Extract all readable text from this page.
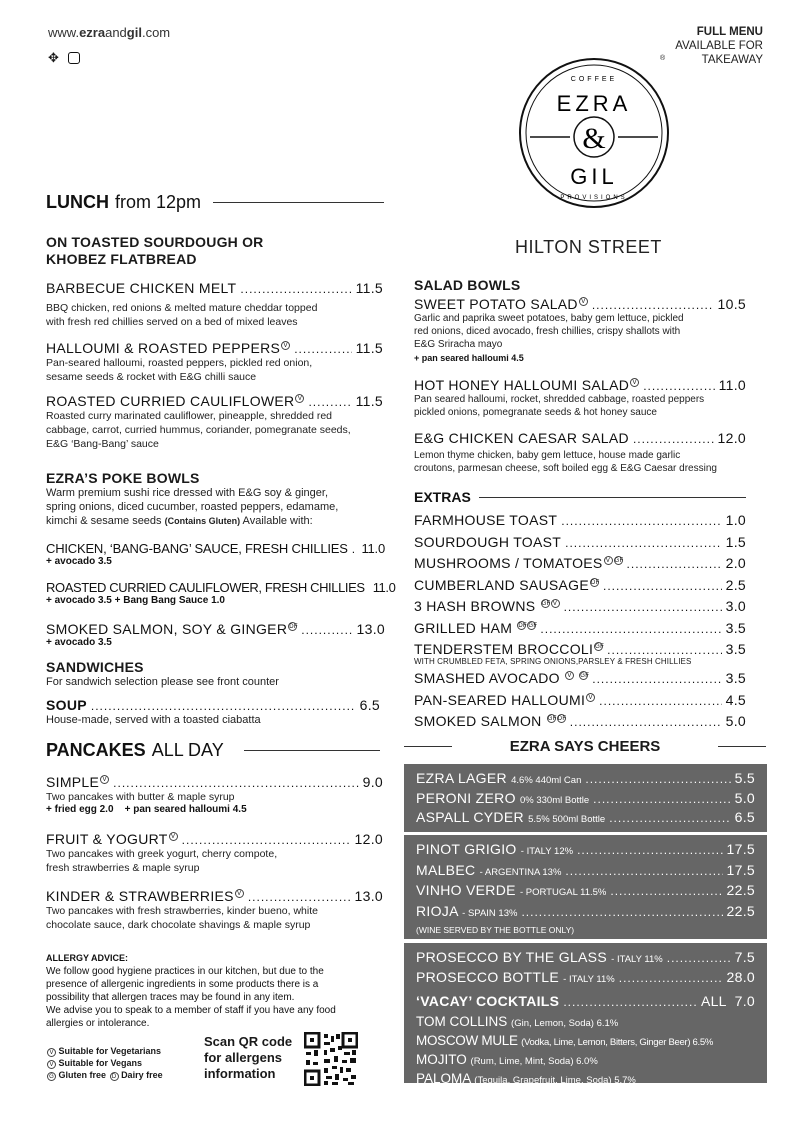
www.ezraandgil.com
✥
FULL MENU
AVAILABLE FOR
TAKEAWAY
®
COFFEE
EZRA
&
GIL
PROVISIONS
HILTON STREET
LUNCH from 12pm
ON TOASTED SOURDOUGH OR
KHOBEZ FLATBREAD
BARBECUE CHICKEN MELT .....	11.5
BBQ chicken, red onions & melted mature cheddar topped
with fresh red chillies served on a bed of mixed leaves
HALLOUMI & ROASTED PEPPERS V .....	11.5
Pan-seared halloumi, roasted peppers, pickled red onion,
sesame seeds & rocket with E&G chilli sauce
ROASTED CURRIED CAULIFLOWER V .....	11.5
Roasted curry marinated cauliflower, pineapple, shredded red
cabbage, carrot, curried hummus, coriander, pomegranate seeds,
E&G ‘Bang-Bang’ sauce
EZRA’S POKE BOWLS
Warm premium sushi rice dressed with E&G soy & ginger,
spring onions, diced cucumber, roasted peppers, edamame,
kimchi & sesame seeds (Contains Gluten) Available with:
CHICKEN, ‘BANG-BANG’ SAUCE, FRESH CHILLIES ..... 11.0
+ avocado 3.5
ROASTED CURRIED CAULIFLOWER, FRESH CHILLIES 11.0
+ avocado 3.5 + Bang Bang Sauce 1.0
SMOKED SALMON, SOY & GINGER DF .....	13.0
+ avocado 3.5
SANDWICHES
For sandwich selection please see front counter
SOUP .....	6.5
House-made, served with a toasted ciabatta
PANCAKES ALL DAY
SIMPLE V .....	9.0
Two pancakes with butter & maple syrup
+ fried egg 2.0    + pan seared halloumi 4.5
FRUIT & YOGURT V .....	12.0
Two pancakes with greek yogurt, cherry compote,
fresh strawberries & maple syrup
KINDER & STRAWBERRIES V .....	13.0
Two pancakes with fresh strawberries, kinder bueno, white
chocolate sauce, dark chocolate shavings & maple syrup
ALLERGY ADVICE:
We follow good hygiene practices in our kitchen, but due to the
presence of allergenic ingredients in some products there is a
possibility that allergen traces may be found in any item.
We advise you to speak to a member of staff if you have any food
allergies or intolerance.
V Suitable for Vegetarians
V Suitable for Vegans
G Gluten free D Dairy free
Scan QR code
for allergens
information
SALAD BOWLS
SWEET POTATO SALAD V .....	10.5
Garlic and paprika sweet potatoes, baby gem lettuce, pickled
red onions, diced avocado, fresh chillies, crispy shallots with
E&G Sriracha mayo
+ pan seared halloumi 4.5
HOT HONEY HALLOUMI SALAD V .....	11.0
Pan seared halloumi, rocket, shredded cabbage, roasted peppers
pickled onions, pomegranate seeds & hot honey sauce
E&G CHICKEN CAESAR SALAD .....	12.0
Lemon thyme chicken, baby gem lettuce, house made garlic
croutons, parmesan cheese, soft boiled egg & E&G Caesar dressing
EXTRAS
FARMHOUSE TOAST .....	1.0
SOURDOUGH TOAST .....	1.5
MUSHROOMS / TOMATOES V GF .....	2.0
CUMBERLAND SAUSAGE DF .....	2.5
3 HASH BROWNS GF V .....	3.0
GRILLED HAM DFGF .....	3.5
TENDERSTEM BROCCOLI GF .....	3.5
WITH CRUMBLED FETA, SPRING ONIONS,PARSLEY & FRESH CHILLIES
SMASHED AVOCADO V GF .....	3.5
PAN-SEARED HALLOUMI V .....	4.5
SMOKED SALMON GFDF .....	5.0
EZRA SAYS CHEERS
EZRA LAGER 4.6% 440ml Can .....	5.5
PERONI ZERO 0% 330ml Bottle .....	5.0
ASPALL CYDER 5.5% 500ml Bottle .....	6.5
PINOT GRIGIO - ITALY 12% .....	17.5
MALBEC - ARGENTINA 13% .....	17.5
VINHO VERDE - PORTUGAL 11.5% .....	22.5
RIOJA - SPAIN 13% .....	22.5
(WINE SERVED BY THE BOTTLE ONLY)
PROSECCO BY THE GLASS - ITALY 11% .....	7.5
PROSECCO BOTTLE - ITALY 11% .....	28.0
‘VACAY’ COCKTAILS .....	ALL  7.0
TOM COLLINS (Gin, Lemon, Soda) 6.1%
MOSCOW MULE (Vodka, Lime, Lemon, Bitters, Ginger Beer) 6.5%
MOJITO (Rum, Lime, Mint, Soda) 6.0%
PALOMA (Tequila, Grapefruit, Lime, Soda) 5.7%
